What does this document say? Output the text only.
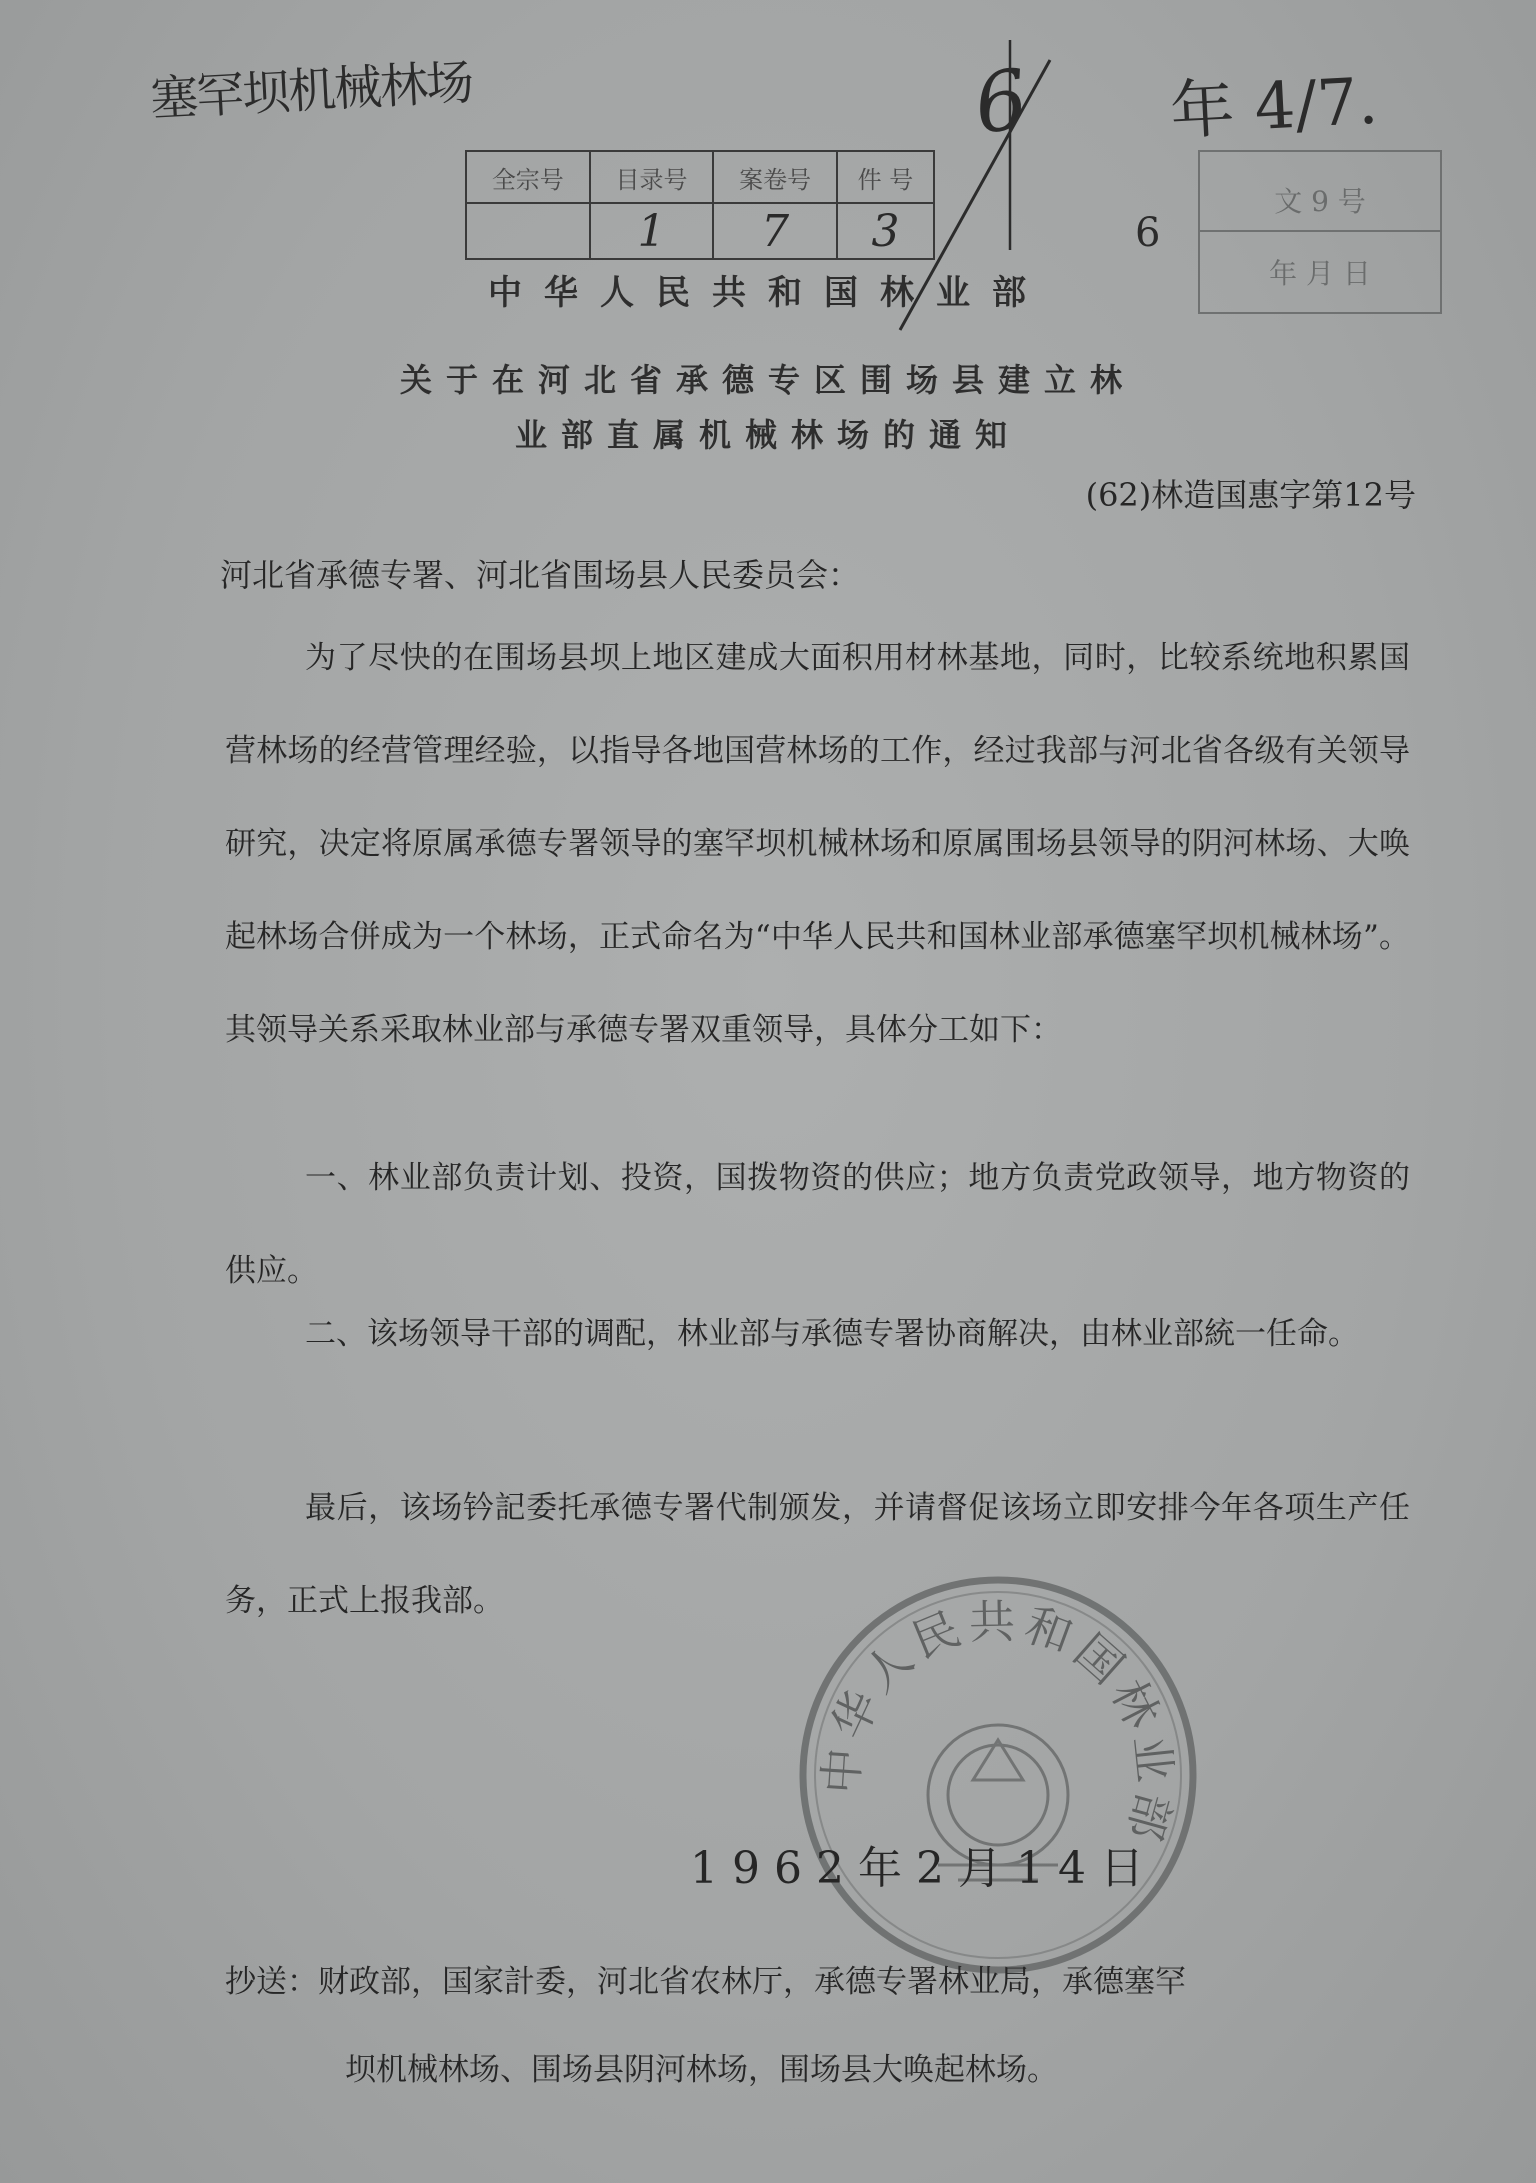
塞罕坝机械林场	6 年 4/7.
6
全宗号	目录号	案卷号	件 号
	1	7	3
文 9 号
年 月 日
中华人民共和国林业部
关于在河北省承德专区围场县建立林
业部直属机械林场的通知
(62)林造国惠字第12号
河北省承德专署、河北省围场县人民委员会：
为了尽快的在围场县坝上地区建成大面积用材林基地，同时，比较系统地积累国营林场的经营管理经验，以指导各地国营林场的工作，经过我部与河北省各级有关领导研究，决定将原属承德专署领导的塞罕坝机械林场和原属围场县领导的阴河林场、大唤起林场合併成为一个林场，正式命名为“中华人民共和国林业部承德塞罕坝机械林场”。其领导关系采取林业部与承德专署双重领导，具体分工如下：
一、林业部负责计划、投资，国拨物资的供应；地方负责党政领导，地方物资的供应。
二、该场领导干部的调配，林业部与承德专署协商解决，由林业部統一任命。
最后，该场钤記委托承德专署代制颁发，并请督促该场立即安排今年各项生产任务，正式上报我部。
中华人民共和国林业部
1962年2月14日
抄送：财政部，国家計委，河北省农林厅，承德专署林业局，承德塞罕
坝机械林场、围场县阴河林场，围场县大唤起林场。
